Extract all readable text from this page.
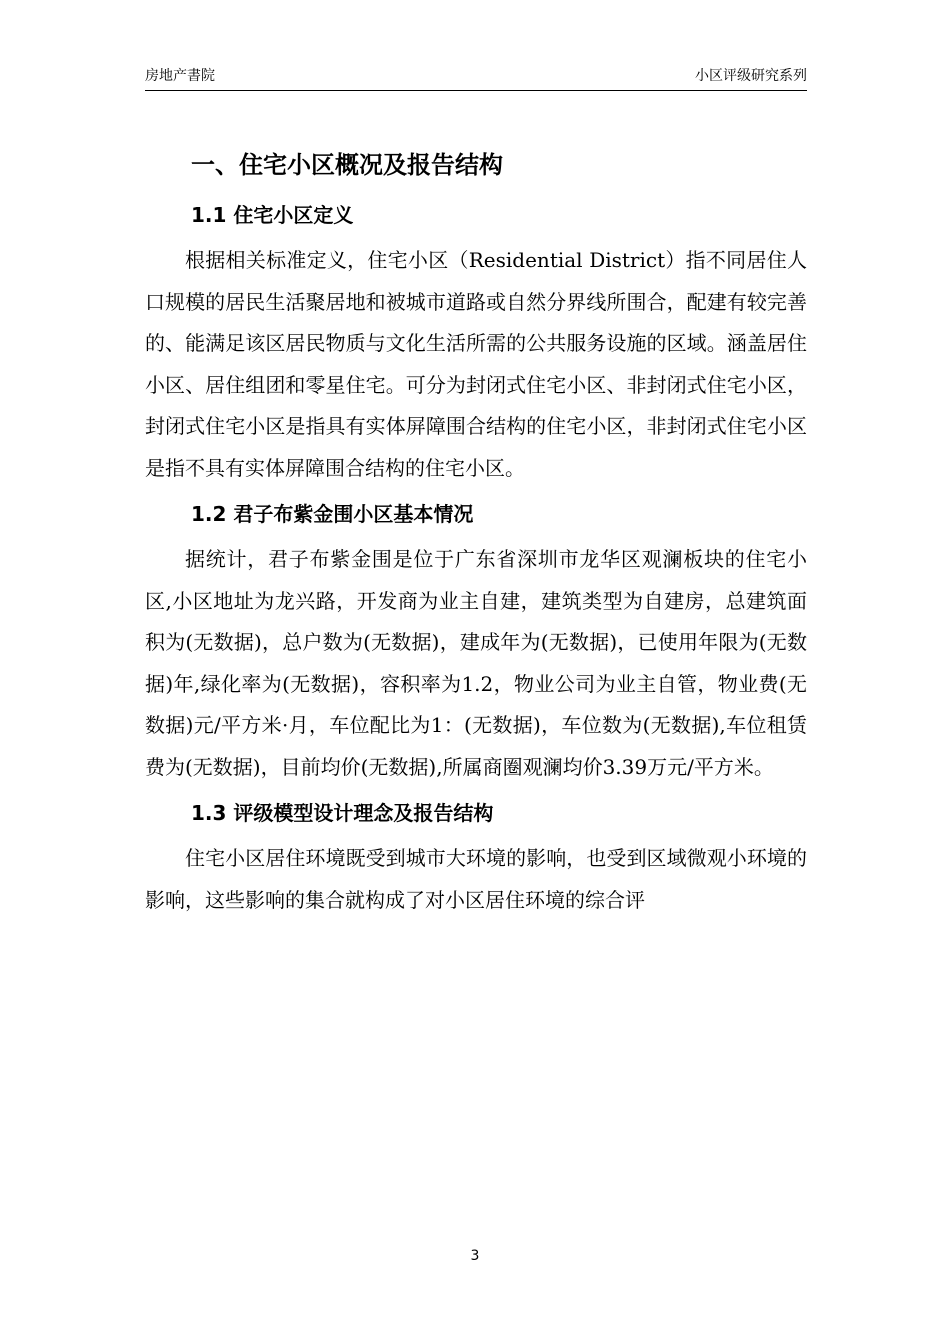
房地产書院	小区评级研究系列
一、住宅小区概况及报告结构
1.1 住宅小区定义

根据相关标准定义，住宅小区（Residential District）指不同居住人口规模的居民生活聚居地和被城市道路或自然分界线所围合，配建有较完善的、能满足该区居民物质与文化生活所需的公共服务设施的区域。涵盖居住小区、居住组团和零星住宅。可分为封闭式住宅小区、非封闭式住宅小区，封闭式住宅小区是指具有实体屏障围合结构的住宅小区，非封闭式住宅小区是指不具有实体屏障围合结构的住宅小区。

1.2 君子布紫金围小区基本情况

据统计，君子布紫金围是位于广东省深圳市龙华区观澜板块的住宅小区,小区地址为龙兴路，开发商为业主自建，建筑类型为自建房，总建筑面积为(无数据)，总户数为(无数据)，建成年为(无数据)，已使用年限为(无数据)年,绿化率为(无数据)，容积率为1.2，物业公司为业主自管，物业费(无数据)元/平方米·月，车位配比为1：(无数据)，车位数为(无数据),车位租赁费为(无数据)，目前均价(无数据),所属商圈观澜均价3.39万元/平方米。

1.3 评级模型设计理念及报告结构

住宅小区居住环境既受到城市大环境的影响，也受到区域微观小环境的影响，这些影响的集合就构成了对小区居住环境的综合评

3
